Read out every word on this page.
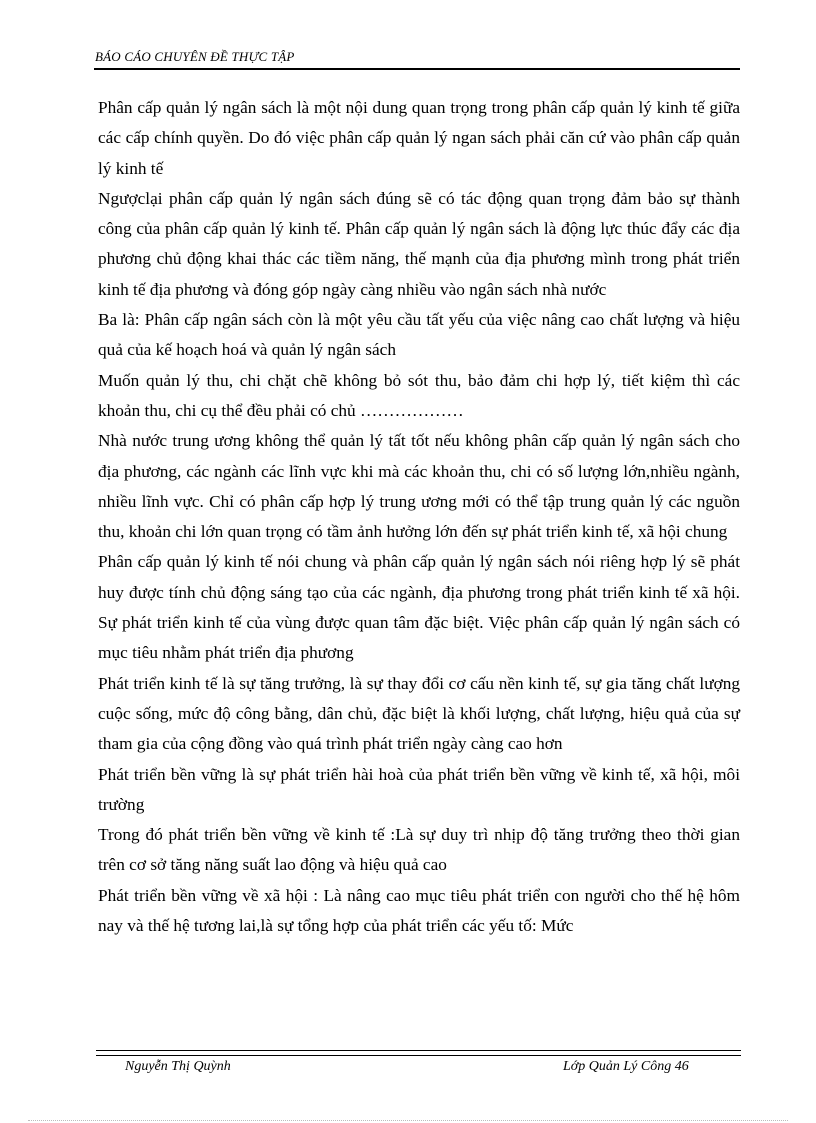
BÁO CÁO CHUYÊN ĐỀ THỰC TẬP

Phân cấp quản lý ngân sách là một nội dung quan trọng trong phân cấp quản lý kinh tế giữa các cấp chính quyền. Do đó việc phân cấp quản lý ngan sách phải căn cứ vào phân cấp quản lý kinh tế

Ngượclại phân cấp quản lý ngân sách đúng sẽ có tác động quan trọng đảm bảo sự thành công của phân cấp quản lý kinh tế. Phân cấp quản lý ngân sách là động lực thúc đẩy các địa phương chủ động khai thác các tiềm năng, thế mạnh của địa phương mình trong phát triển kinh tế địa phương và đóng góp ngày càng nhiều vào ngân sách nhà nước

Ba là: Phân cấp ngân sách còn là một yêu cầu tất yếu của việc nâng cao chất lượng và hiệu quả của kế hoạch hoá và quản lý ngân sách

Muốn quản lý thu, chi chặt chẽ không bỏ sót thu, bảo đảm chi hợp lý, tiết kiệm thì các khoản thu, chi cụ thể đều phải có chủ ………………

Nhà nước trung ương không thể quản lý tất tốt nếu không phân cấp quản lý ngân sách cho địa phương, các ngành các lĩnh vực khi mà các khoản thu, chi có số lượng lớn,nhiều ngành, nhiều lĩnh vực. Chỉ có phân cấp hợp lý trung ương mới có thể tập trung quản lý các nguồn thu, khoản chi lớn quan trọng có tầm ảnh hưởng lớn đến sự phát triển kinh tế, xã hội chung

Phân cấp quản lý kinh tế nói chung và phân cấp quản lý ngân sách nói riêng hợp lý sẽ phát huy được tính chủ động sáng tạo của các ngành, địa phương trong phát triển kinh tế xã hội. Sự phát triển kinh tế của vùng được quan tâm đặc biệt. Việc phân cấp quản lý ngân sách có mục tiêu nhằm phát triển địa phương

Phát triển kinh tế là sự tăng trưởng, là sự thay đổi cơ cấu nền kinh tế, sự gia tăng chất lượng cuộc sống, mức độ công bằng, dân chủ, đặc biệt là khối lượng, chất lượng, hiệu quả của sự tham gia của cộng đồng vào quá trình phát triển ngày càng cao hơn

Phát triển bền vững là sự phát triển hài hoà của phát triển bền vững về kinh tế, xã hội, môi trường

Trong đó phát triển bền vững về kinh tế :Là sự duy trì nhịp độ tăng trưởng theo thời gian trên cơ sở tăng năng suất lao động và hiệu quả cao

Phát triển bền vững về xã hội : Là nâng cao mục tiêu phát triển con người cho thế hệ hôm nay và thế hệ tương lai,là sự tổng hợp của phát triển các yếu tố: Mức

Nguyễn Thị Quỳnh	Lớp Quản Lý Công 46
